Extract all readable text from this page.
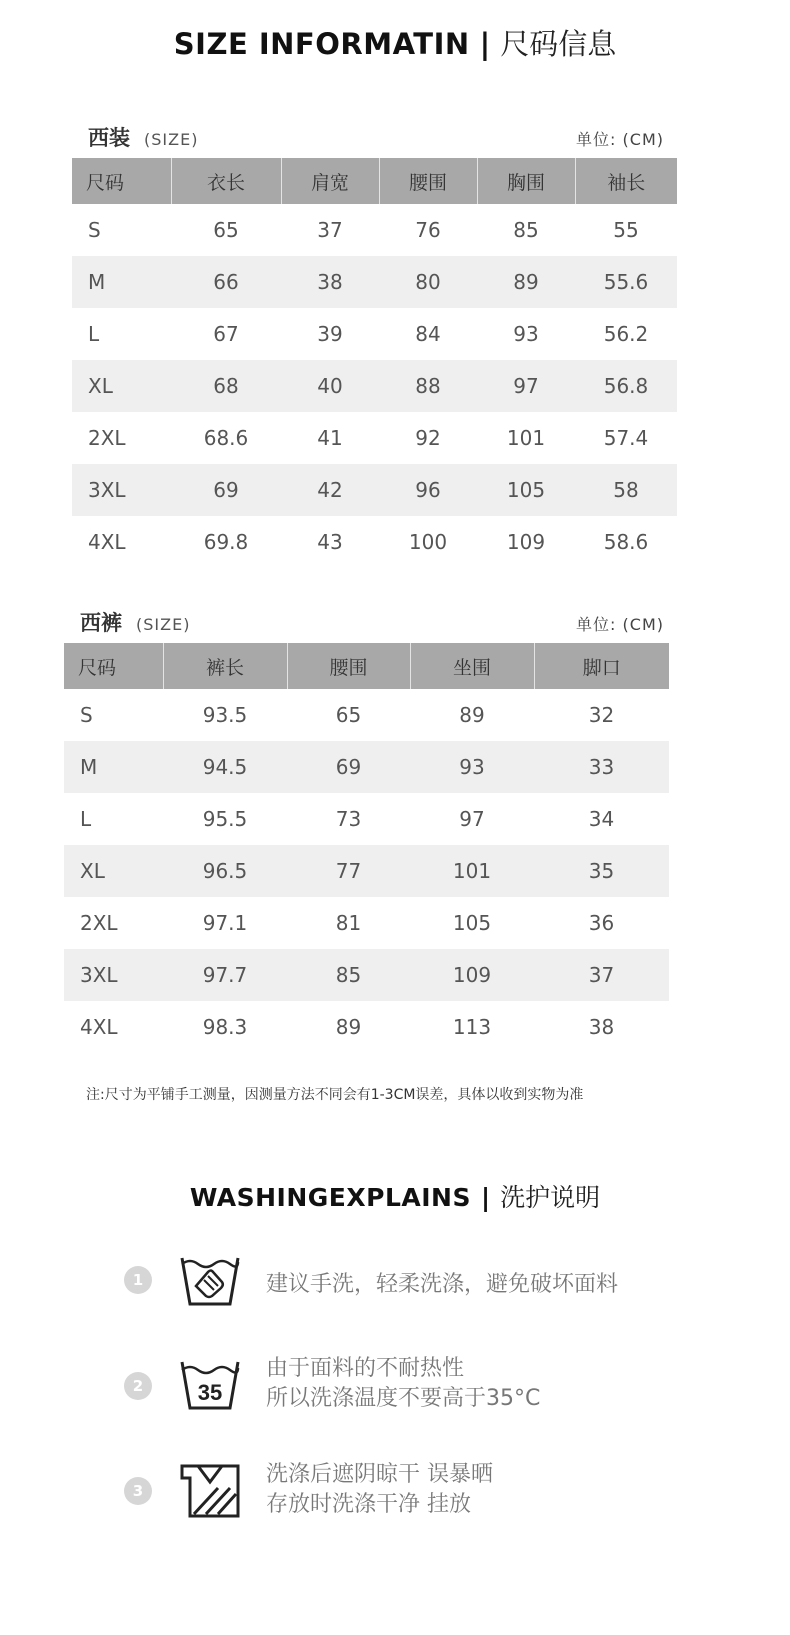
SIZE INFORMATIN | 尺码信息
西装 (SIZE)	单位: (CM)
尺码	衣长	肩宽	腰围	胸围	袖长
S	65	37	76	85	55
M	66	38	80	89	55.6
L	67	39	84	93	56.2
XL	68	40	88	97	56.8
2XL	68.6	41	92	101	57.4
3XL	69	42	96	105	58
4XL	69.8	43	100	109	58.6
西裤 (SIZE)	单位: (CM)
尺码	裤长	腰围	坐围	脚口
S	93.5	65	89	32
M	94.5	69	93	33
L	95.5	73	97	34
XL	96.5	77	101	35
2XL	97.1	81	105	36
3XL	97.7	85	109	37
4XL	98.3	89	113	38
注:尺寸为平铺手工测量，因测量方法不同会有1-3CM误差，具体以收到实物为准
WASHINGEXPLAINS | 洗护说明
1	建议手洗，轻柔洗涤，避免破坏面料
2	35
由于面料的不耐热性
所以洗涤温度不要高于35°C
3
洗涤后遮阴晾干 误暴晒
存放时洗涤干净 挂放
